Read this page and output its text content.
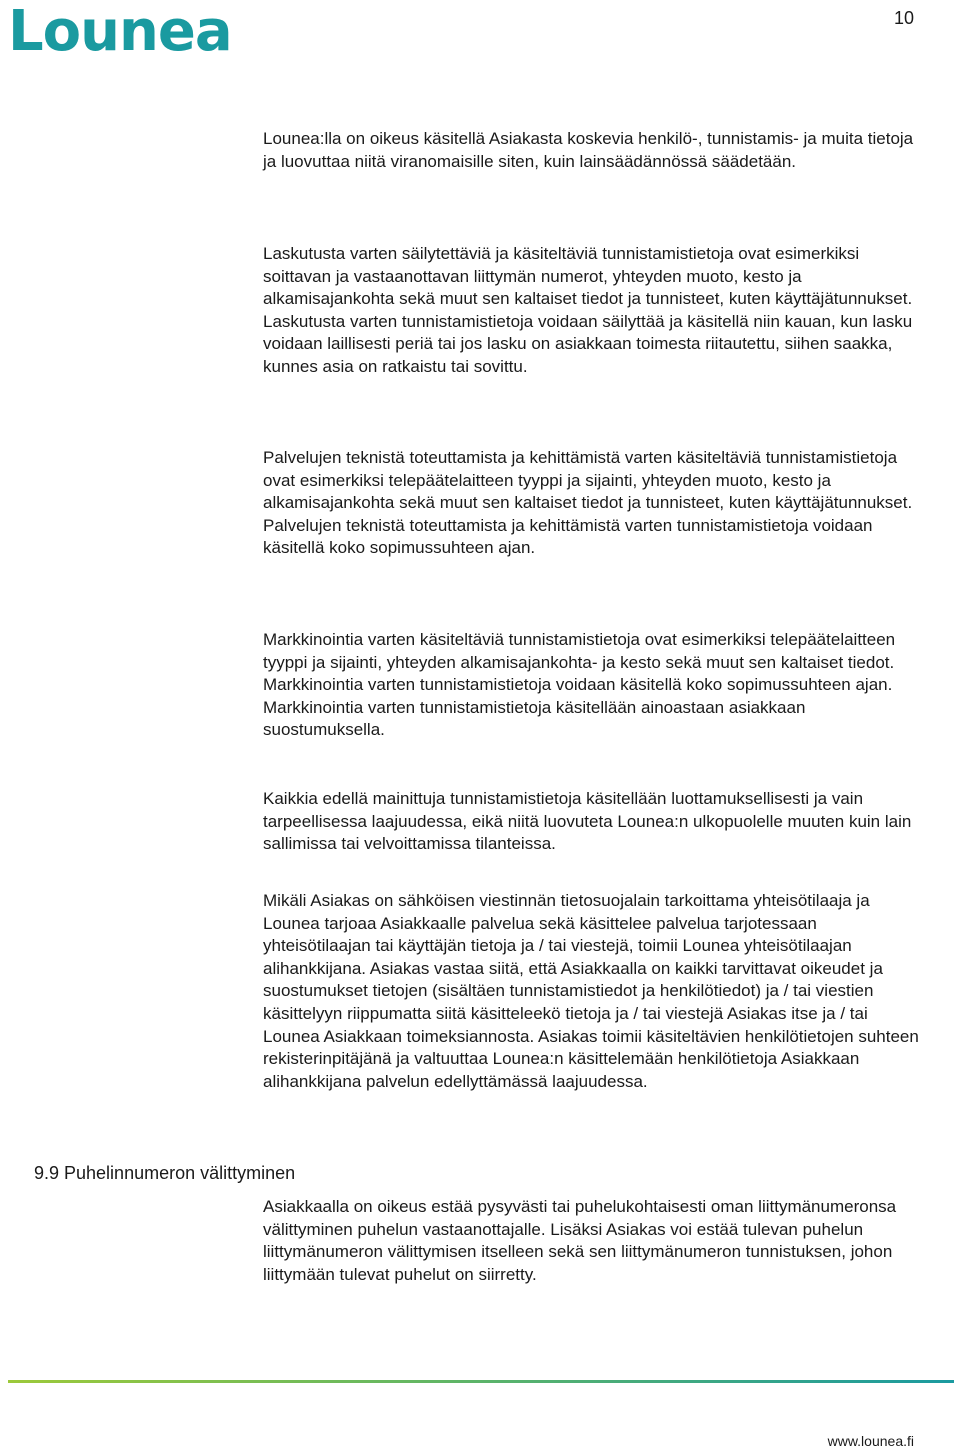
Lounea	10

Lounea:lla on oikeus käsitellä Asiakasta koskevia henkilö-, tunnistamis- ja muita tietoja ja luovuttaa niitä viranomaisille siten, kuin lainsäädännössä säädetään.

Laskutusta varten säilytettäviä ja käsiteltäviä tunnistamistietoja ovat esimerkiksi soittavan ja vastaanottavan liittymän numerot, yhteyden muoto, kesto ja alkamisajankohta sekä muut sen kaltaiset tiedot ja tunnisteet, kuten käyttäjätunnukset. Laskutusta varten tunnistamistietoja voidaan säilyttää ja käsitellä niin kauan, kun lasku voidaan laillisesti periä tai jos lasku on asiakkaan toimesta riitautettu, siihen saakka, kunnes asia on ratkaistu tai sovittu.

Palvelujen teknistä toteuttamista ja kehittämistä varten käsiteltäviä tunnistamistietoja ovat esimerkiksi telepäätelaitteen tyyppi ja sijainti, yhteyden muoto, kesto ja alkamisajankohta sekä muut sen kaltaiset tiedot ja tunnisteet, kuten käyttäjätunnukset. Palvelujen teknistä toteuttamista ja kehittämistä varten tunnistamistietoja voidaan käsitellä koko sopimussuhteen ajan.

Markkinointia varten käsiteltäviä tunnistamistietoja ovat esimerkiksi telepäätelaitteen tyyppi ja sijainti, yhteyden alkamisajankohta- ja kesto sekä muut sen kaltaiset tiedot. Markkinointia varten tunnistamistietoja voidaan käsitellä koko sopimussuhteen ajan. Markkinointia varten tunnistamistietoja käsitellään ainoastaan asiakkaan suostumuksella.

Kaikkia edellä mainittuja tunnistamistietoja käsitellään luottamuksellisesti ja vain tarpeellisessa laajuudessa, eikä niitä luovuteta Lounea:n ulkopuolelle muuten kuin lain sallimissa tai velvoittamissa tilanteissa.

Mikäli Asiakas on sähköisen viestinnän tietosuojalain tarkoittama yhteisötilaaja ja Lounea tarjoaa Asiakkaalle palvelua sekä käsittelee palvelua tarjotessaan yhteisötilaajan tai käyttäjän tietoja ja / tai viestejä, toimii Lounea yhteisötilaajan alihankkijana. Asiakas vastaa siitä, että Asiakkaalla on kaikki tarvittavat oikeudet ja suostumukset tietojen (sisältäen tunnistamistiedot ja henkilötiedot) ja / tai viestien käsittelyyn riippumatta siitä käsitteleekö tietoja ja / tai viestejä Asiakas itse ja / tai Lounea Asiakkaan toimeksiannosta. Asiakas toimii käsiteltävien henkilötietojen suhteen rekisterinpitäjänä ja valtuuttaa Lounea:n käsittelemään henkilötietoja Asiakkaan alihankkijana palvelun edellyttämässä laajuudessa.

9.9 Puhelinnumeron välittyminen

Asiakkaalla on oikeus estää pysyvästi tai puhelukohtaisesti oman liittymänumeronsa välittyminen puhelun vastaanottajalle. Lisäksi Asiakas voi estää tulevan puhelun liittymänumeron välittymisen itselleen sekä sen liittymänumeron tunnistuksen, johon liittymään tulevat puhelut on siirretty.

www.lounea.fi
